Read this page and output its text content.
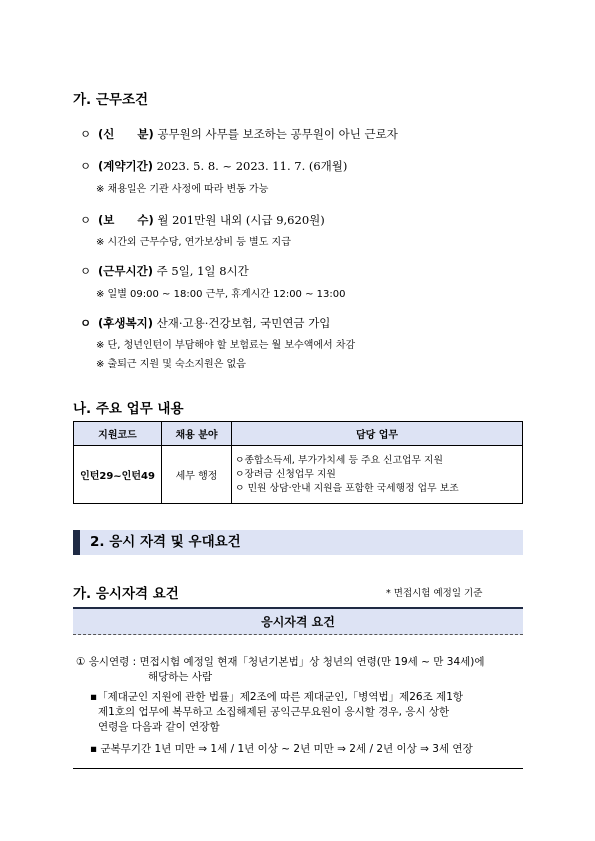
가. 근무조건
ㅇ (신　　분) 공무원의 사무를 보조하는 공무원이 아닌 근로자
ㅇ (계약기간) 2023. 5. 8. ~ 2023. 11. 7. (6개월)
※ 채용일은 기관 사정에 따라 변동 가능
ㅇ (보　　수) 월 201만원 내외 (시급 9,620원)
※ 시간외 근무수당, 연가보상비 등 별도 지급
ㅇ (근무시간) 주 5일, 1일 8시간
※ 일별 09:00 ~ 18:00 근무, 휴게시간 12:00 ~ 13:00
ㅇ (후생복지) 산재·고용·건강보험, 국민연금 가입
※ 단, 청년인턴이 부담해야 할 보험료는 월 보수액에서 차감
※ 출퇴근 지원 및 숙소지원은 없음
나. 주요 업무 내용
지원코드	채용 분야	담당 업무
인턴29~인턴49	세무 행정	ㅇ종합소득세, 부가가치세 등 주요 신고업무 지원
ㅇ장려금 신청업무 지원
ㅇ 민원 상담·안내 지원을 포함한 국세행정 업무 보조
2. 응시 자격 및 우대요건
가. 응시자격 요건	* 면접시험 예정일 기준
응시자격 요건
① 응시연령 : 면접시험 예정일 현재「청년기본법」상 청년의 연령(만 19세 ~ 만 34세)에
해당하는 사람
▪「제대군인 지원에 관한 법률」제2조에 따른 제대군인,「병역법」제26조 제1항
제1호의 업무에 복무하고 소집해제된 공익근무요원이 응시할 경우, 응시 상한
연령을 다음과 같이 연장함
▪ 군복무기간 1년 미만 ⇒ 1세 / 1년 이상 ~ 2년 미만 ⇒ 2세 / 2년 이상 ⇒ 3세 연장
